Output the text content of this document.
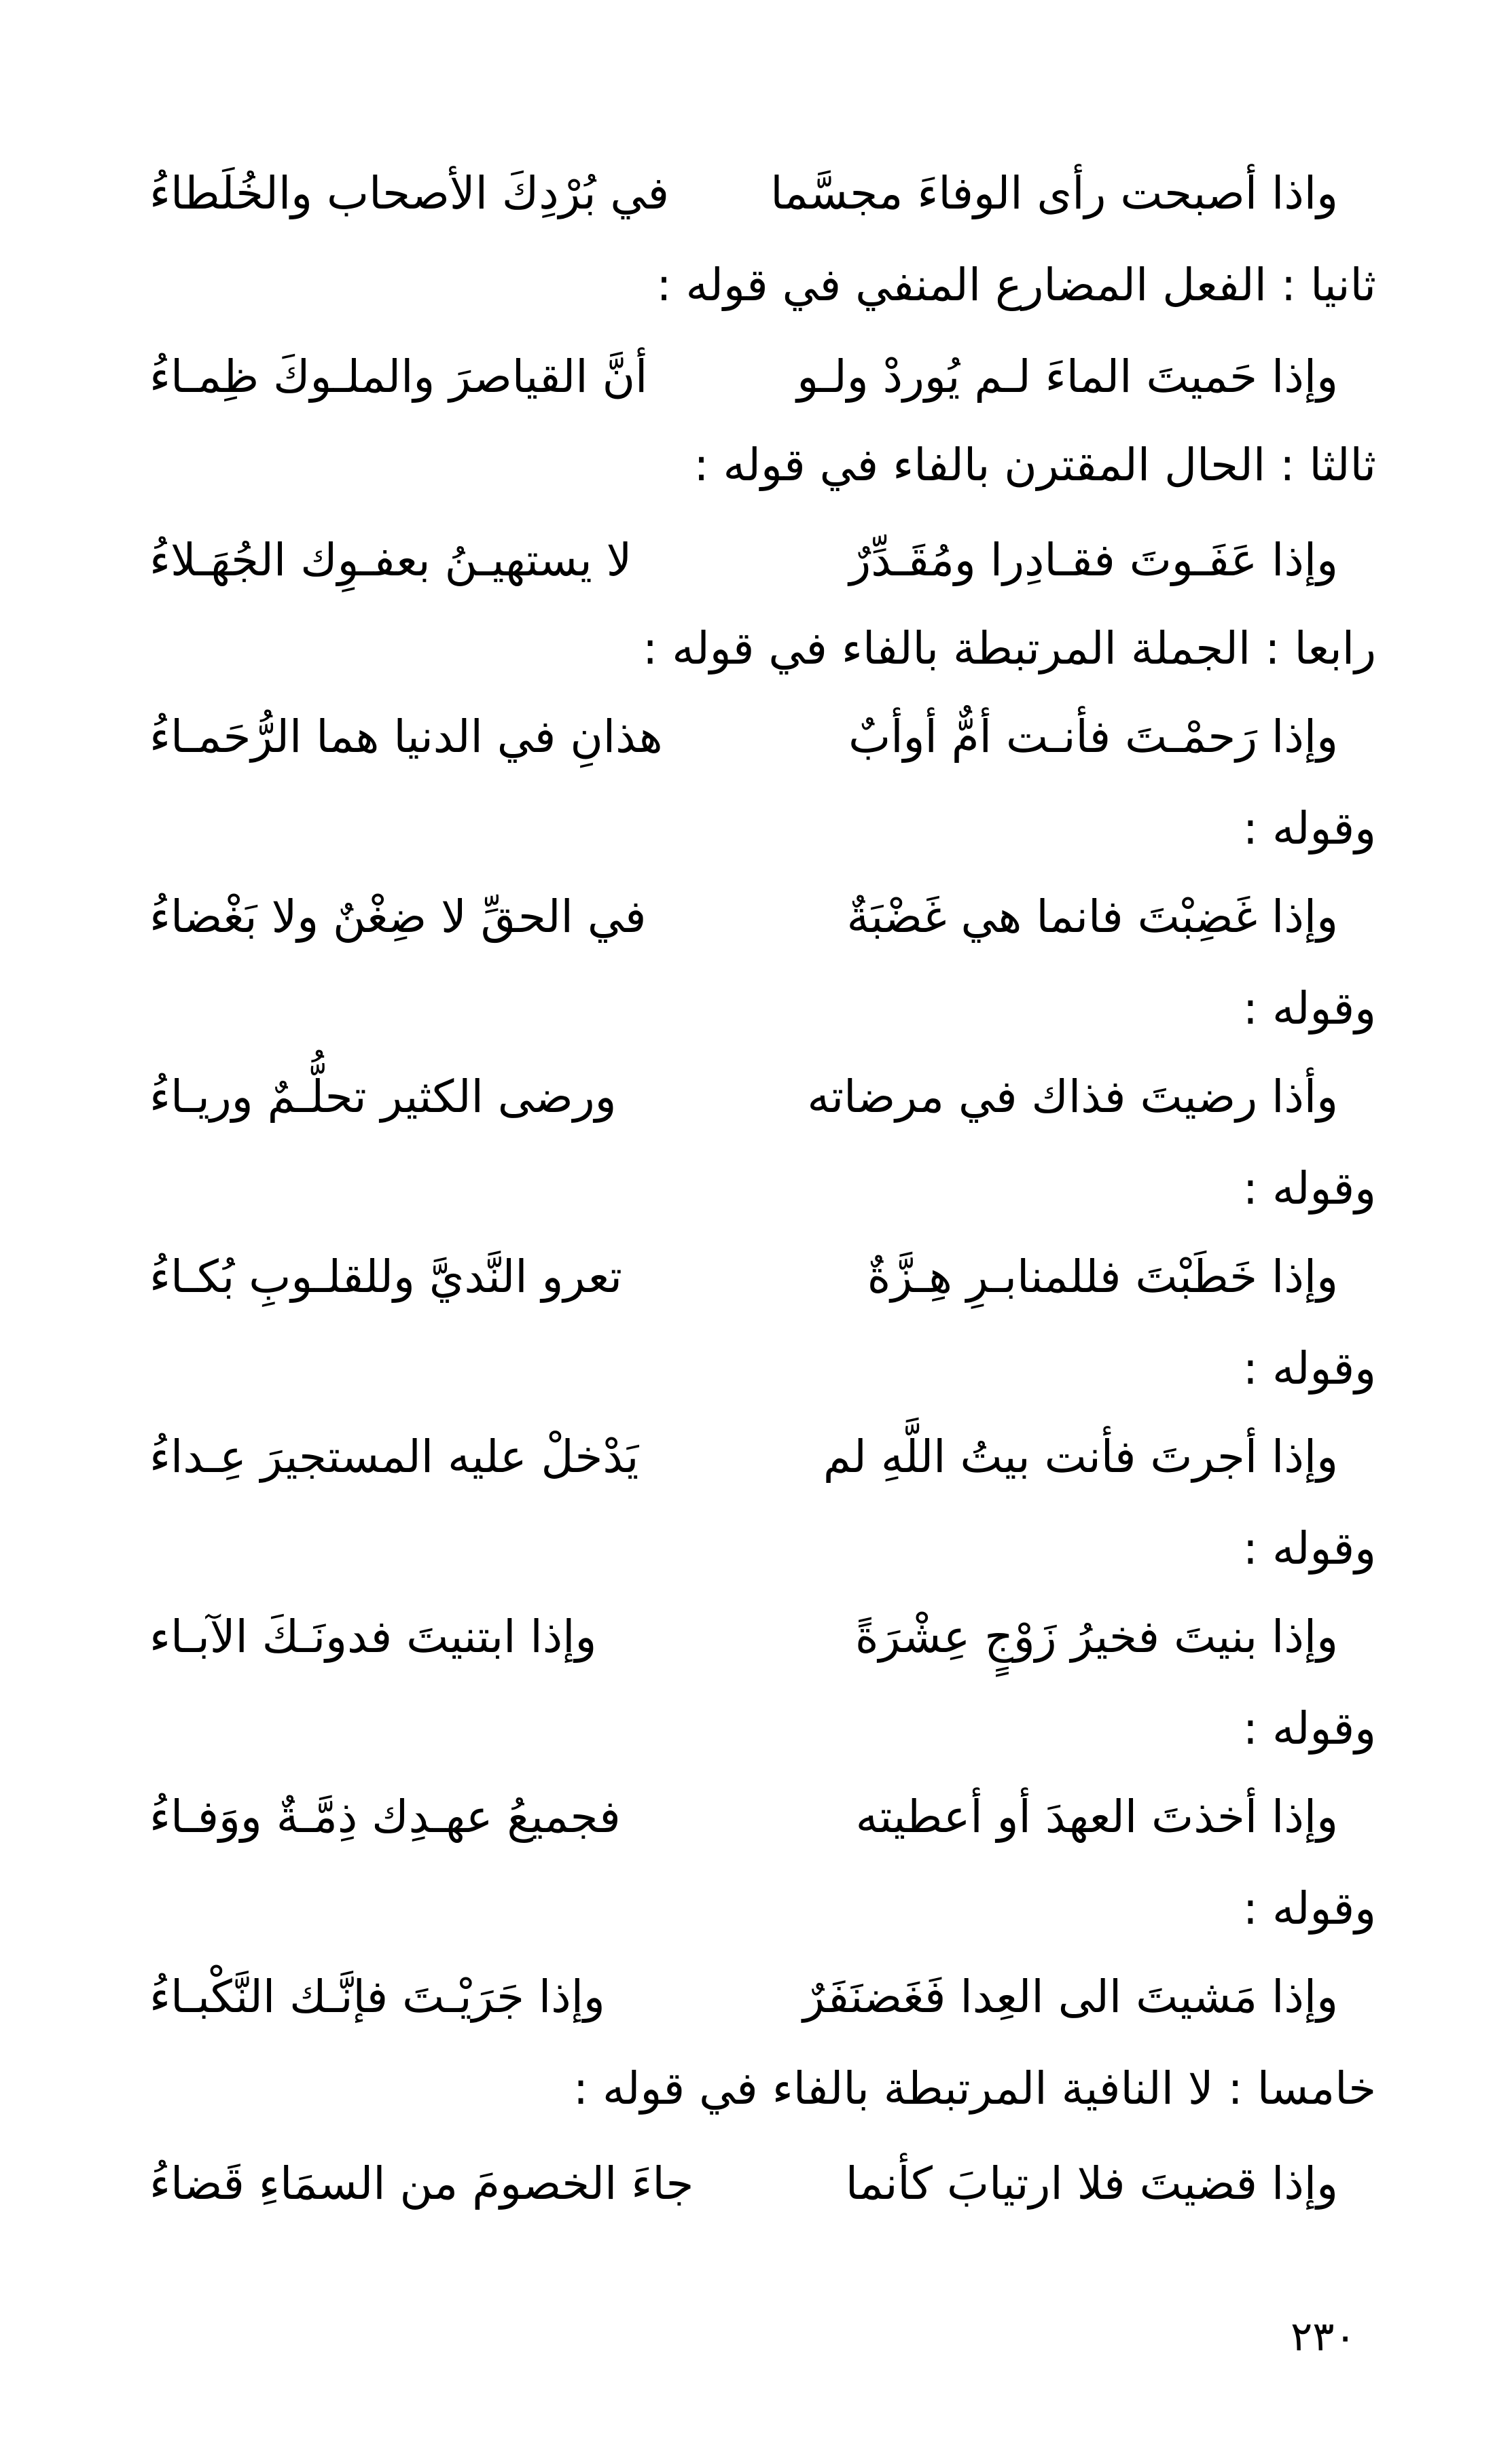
واذا أصبحت رأى الوفاءَ مجسَّما
في بُرْدِكَ الأصحاب والخُلَطاءُ
ثانيا : الفعل المضارع المنفي في قوله :
وإذا حَميتَ الماءَ لـم يُوردْ ولـو
أنَّ القياصرَ والملـوكَ ظِمـاءُ
ثالثا : الحال المقترن بالفاء في قوله :
وإذا عَفَـوتَ فقـادِرا ومُقَـدِّرٌ
لا يستهيـنُ بعفـوِك الجُهَـلاءُ
رابعا : الجملة المرتبطة بالفاء في قوله :
وإذا رَحمْـتَ فأنـت أمٌّ أوأبٌ
هذانِ في الدنيا هما الرُّحَمـاءُ
وقوله :
وإذا غَضِبْتَ فانما هي غَضْبَةٌ
في الحقِّ لا ضِغْنٌ ولا بَغْضاءُ
وقوله :
وأذا رضيتَ فذاك في مرضاته
ورضى الكثير تحلُّـمٌ وريـاءُ
وقوله :
وإذا خَطَبْتَ فللمنابـرِ هِـزَّةٌ
تعرو النَّديَّ وللقلـوبِ بُكـاءُ
وقوله :
وإذا أجرتَ فأنت بيتُ اللَّهِ لم
يَدْخلْ عليه المستجيرَ عِـداءُ
وقوله :
وإذا بنيتَ فخيرُ زَوْجٍ عِشْرَةً
وإذا ابتنيتَ فدونَـكَ الآبـاء
وقوله :
وإذا أخذتَ العهدَ أو أعطيته
فجميعُ عهـدِك ذِمَّـةٌ ووَفـاءُ
وقوله :
وإذا مَشيتَ الى العِدا فَغَضنَفَرٌ
وإذا جَرَيْـتَ فإنَّـك النَّكْبـاءُ
خامسا : لا النافية المرتبطة بالفاء في قوله :
وإذا قضيتَ فلا ارتيابَ كأنما
جاءَ الخصومَ من السمَاءِ قَضاءُ
٢٣٠
